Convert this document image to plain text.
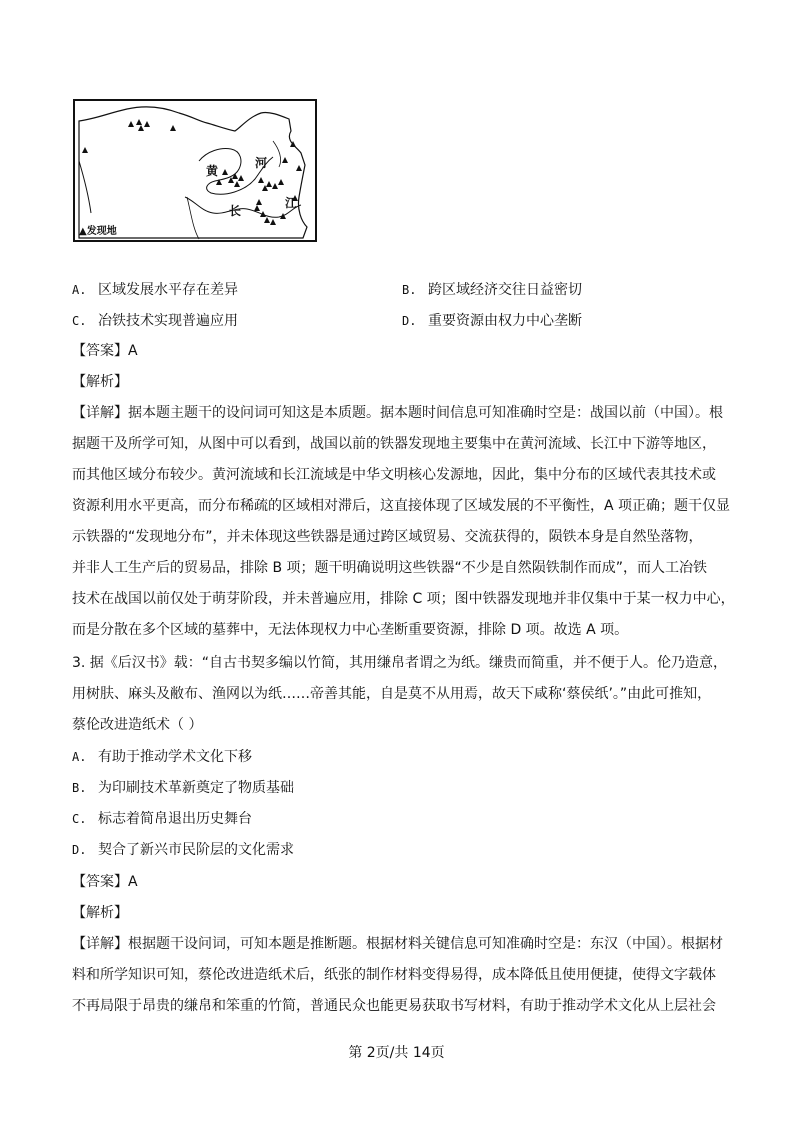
黄
河
长
江
▲发现地
A. 区域发展水平存在差异	B. 跨区域经济交往日益密切
C. 冶铁技术实现普遍应用	D. 重要资源由权力中心垄断
【答案】A
【解析】
【详解】据本题主题干的设问词可知这是本质题。据本题时间信息可知准确时空是：战国以前（中国）。根
据题干及所学可知，从图中可以看到，战国以前的铁器发现地主要集中在黄河流域、长江中下游等地区，
而其他区域分布较少。黄河流域和长江流域是中华文明核心发源地，因此，集中分布的区域代表其技术或
资源利用水平更高，而分布稀疏的区域相对滞后，这直接体现了区域发展的不平衡性，A 项正确；题干仅显
示铁器的“发现地分布”，并未体现这些铁器是通过跨区域贸易、交流获得的，陨铁本身是自然坠落物，
并非人工生产后的贸易品，排除 B 项；题干明确说明这些铁器“不少是自然陨铁制作而成”，而人工冶铁
技术在战国以前仅处于萌芽阶段，并未普遍应用，排除 C 项；图中铁器发现地并非仅集中于某一权力中心，
而是分散在多个区域的墓葬中，无法体现权力中心垄断重要资源，排除 D 项。故选 A 项。
3. 据《后汉书》载：“自古书契多编以竹简，其用缣帛者谓之为纸。缣贵而简重，并不便于人。伦乃造意，
用树肤、麻头及敝布、渔网以为纸……帝善其能，自是莫不从用焉，故天下咸称‘蔡侯纸’。”由此可推知，
蔡伦改进造纸术（ ）
A. 有助于推动学术文化下移
B. 为印刷技术革新奠定了物质基础
C. 标志着简帛退出历史舞台
D. 契合了新兴市民阶层的文化需求
【答案】A
【解析】
【详解】根据题干设问词，可知本题是推断题。根据材料关键信息可知准确时空是：东汉（中国）。根据材
料和所学知识可知，蔡伦改进造纸术后，纸张的制作材料变得易得，成本降低且使用便捷，使得文字载体
不再局限于昂贵的缣帛和笨重的竹简，普通民众也能更易获取书写材料，有助于推动学术文化从上层社会
第 2页/共 14页
